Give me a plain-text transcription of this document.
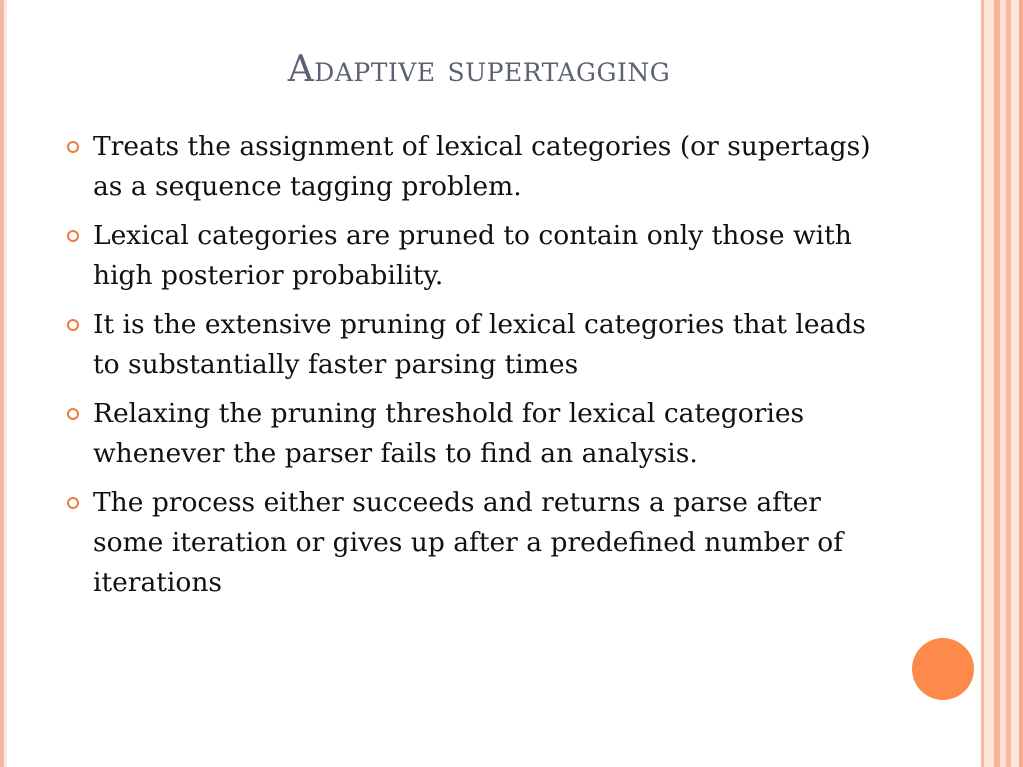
Adaptive supertagging
Treats the assignment of lexical categories (or supertags) as a sequence tagging problem.
Lexical categories are pruned to contain only those with high posterior probability.
It is the extensive pruning of lexical categories that leads to substantially faster parsing times
Relaxing the pruning threshold for lexical categories whenever the parser fails to find an analysis.
The process either succeeds and returns a parse after some iteration or gives up after a predefined number of iterations
